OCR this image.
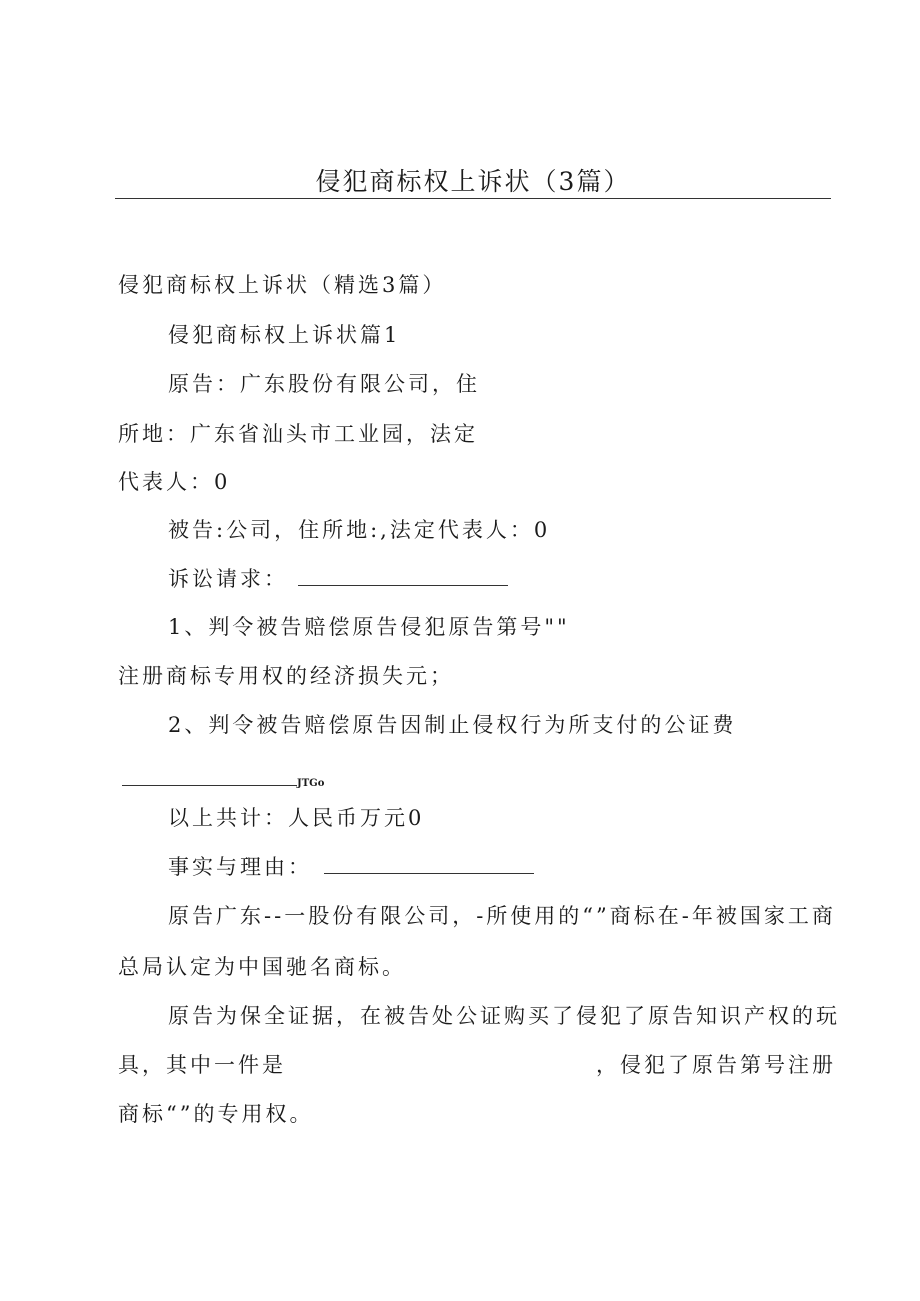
侵犯商标权上诉状（3篇）
侵犯商标权上诉状（精选3篇）
侵犯商标权上诉状篇1
原告：广东股份有限公司，住
所地：广东省汕头市工业园，法定
代表人：0
被告:公司，住所地:,法定代表人：0
诉讼请求：
1、判令被告赔偿原告侵犯原告第号""
注册商标专用权的经济损失元；
2、判令被告赔偿原告因制止侵权行为所支付的公证费
JTGo
以上共计：人民币万元0
事实与理由：
原告广东--一股份有限公司，-所使用的“”商标在-年被国家工商
总局认定为中国驰名商标。
原告为保全证据，在被告处公证购买了侵犯了原告知识产权的玩
具，其中一件是	，侵犯了原告第号注册
商标“”的专用权。
